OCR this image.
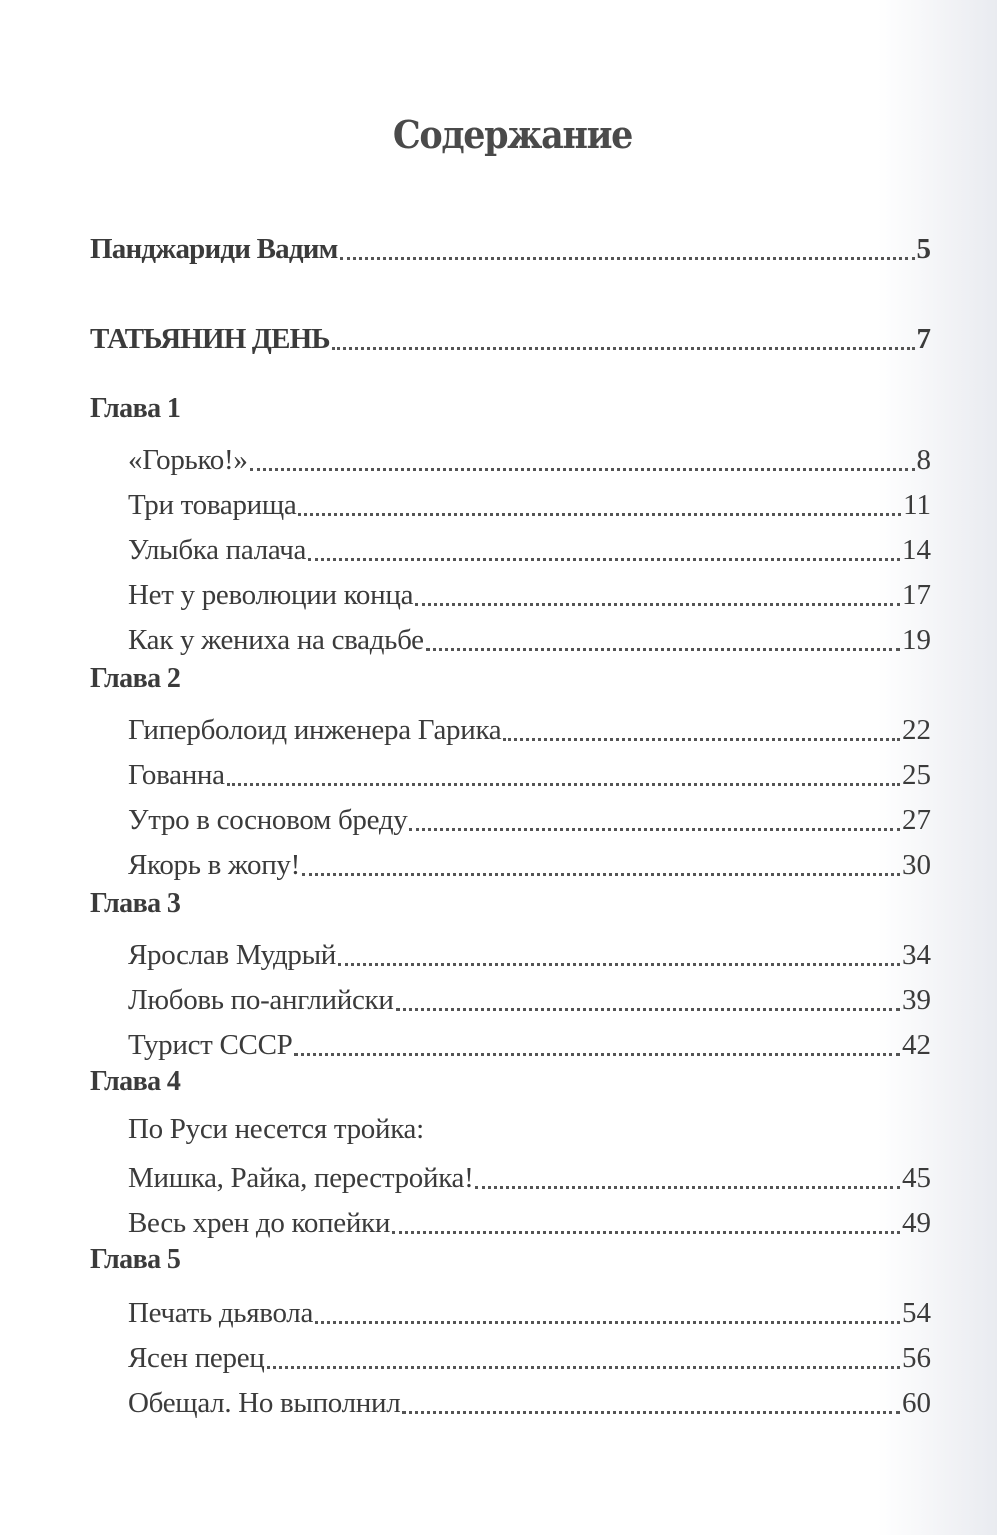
Содержание
Панджариди Вадим	5
ТАТЬЯНИН ДЕНЬ	7
Глава 1
«Горько!»	8
Три товарища	11
Улыбка палача	14
Нет у революции конца	17
Как у жениха на свадьбе	19
Глава 2
Гиперболоид инженера Гарика	22
Гованна	25
Утро в сосновом бреду	27
Якорь в жопу!	30
Глава 3
Ярослав Мудрый	34
Любовь по-английски	39
Турист СССР	42
Глава 4
По Руси несется тройка:
Мишка, Райка, перестройка!	45
Весь хрен до копейки	49
Глава 5
Печать дьявола	54
Ясен перец	56
Обещал. Но выполнил	60
